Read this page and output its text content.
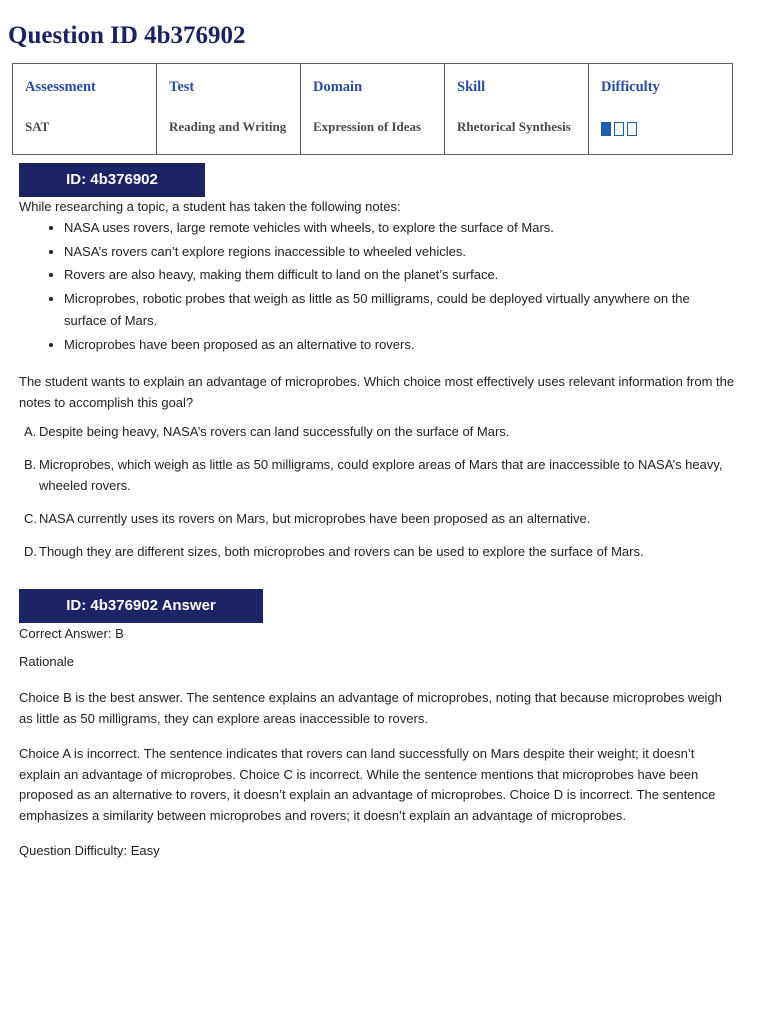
Question ID 4b376902
Assessment
SAT

Test
Reading and Writing

Domain
Expression of Ideas

Skill
Rhetorical Synthesis

Difficulty
ID: 4b376902

While researching a topic, a student has taken the following notes:

• NASA uses rovers, large remote vehicles with wheels, to explore the surface of Mars.
• NASA’s rovers can’t explore regions inaccessible to wheeled vehicles.
• Rovers are also heavy, making them difficult to land on the planet’s surface.
• Microprobes, robotic probes that weigh as little as 50 milligrams, could be deployed virtually anywhere on the surface of Mars.
• Microprobes have been proposed as an alternative to rovers.

The student wants to explain an advantage of microprobes. Which choice most effectively uses relevant information from the notes to accomplish this goal?

A. Despite being heavy, NASA’s rovers can land successfully on the surface of Mars.
B. Microprobes, which weigh as little as 50 milligrams, could explore areas of Mars that are inaccessible to NASA’s heavy, wheeled rovers.
C. NASA currently uses its rovers on Mars, but microprobes have been proposed as an alternative.
D. Though they are different sizes, both microprobes and rovers can be used to explore the surface of Mars.
ID: 4b376902 Answer

Correct Answer: B

Rationale

Choice B is the best answer. The sentence explains an advantage of microprobes, noting that because microprobes weigh as little as 50 milligrams, they can explore areas inaccessible to rovers.

Choice A is incorrect. The sentence indicates that rovers can land successfully on Mars despite their weight; it doesn’t explain an advantage of microprobes. Choice C is incorrect. While the sentence mentions that microprobes have been proposed as an alternative to rovers, it doesn’t explain an advantage of microprobes. Choice D is incorrect. The sentence emphasizes a similarity between microprobes and rovers; it doesn’t explain an advantage of microprobes.

Question Difficulty: Easy
